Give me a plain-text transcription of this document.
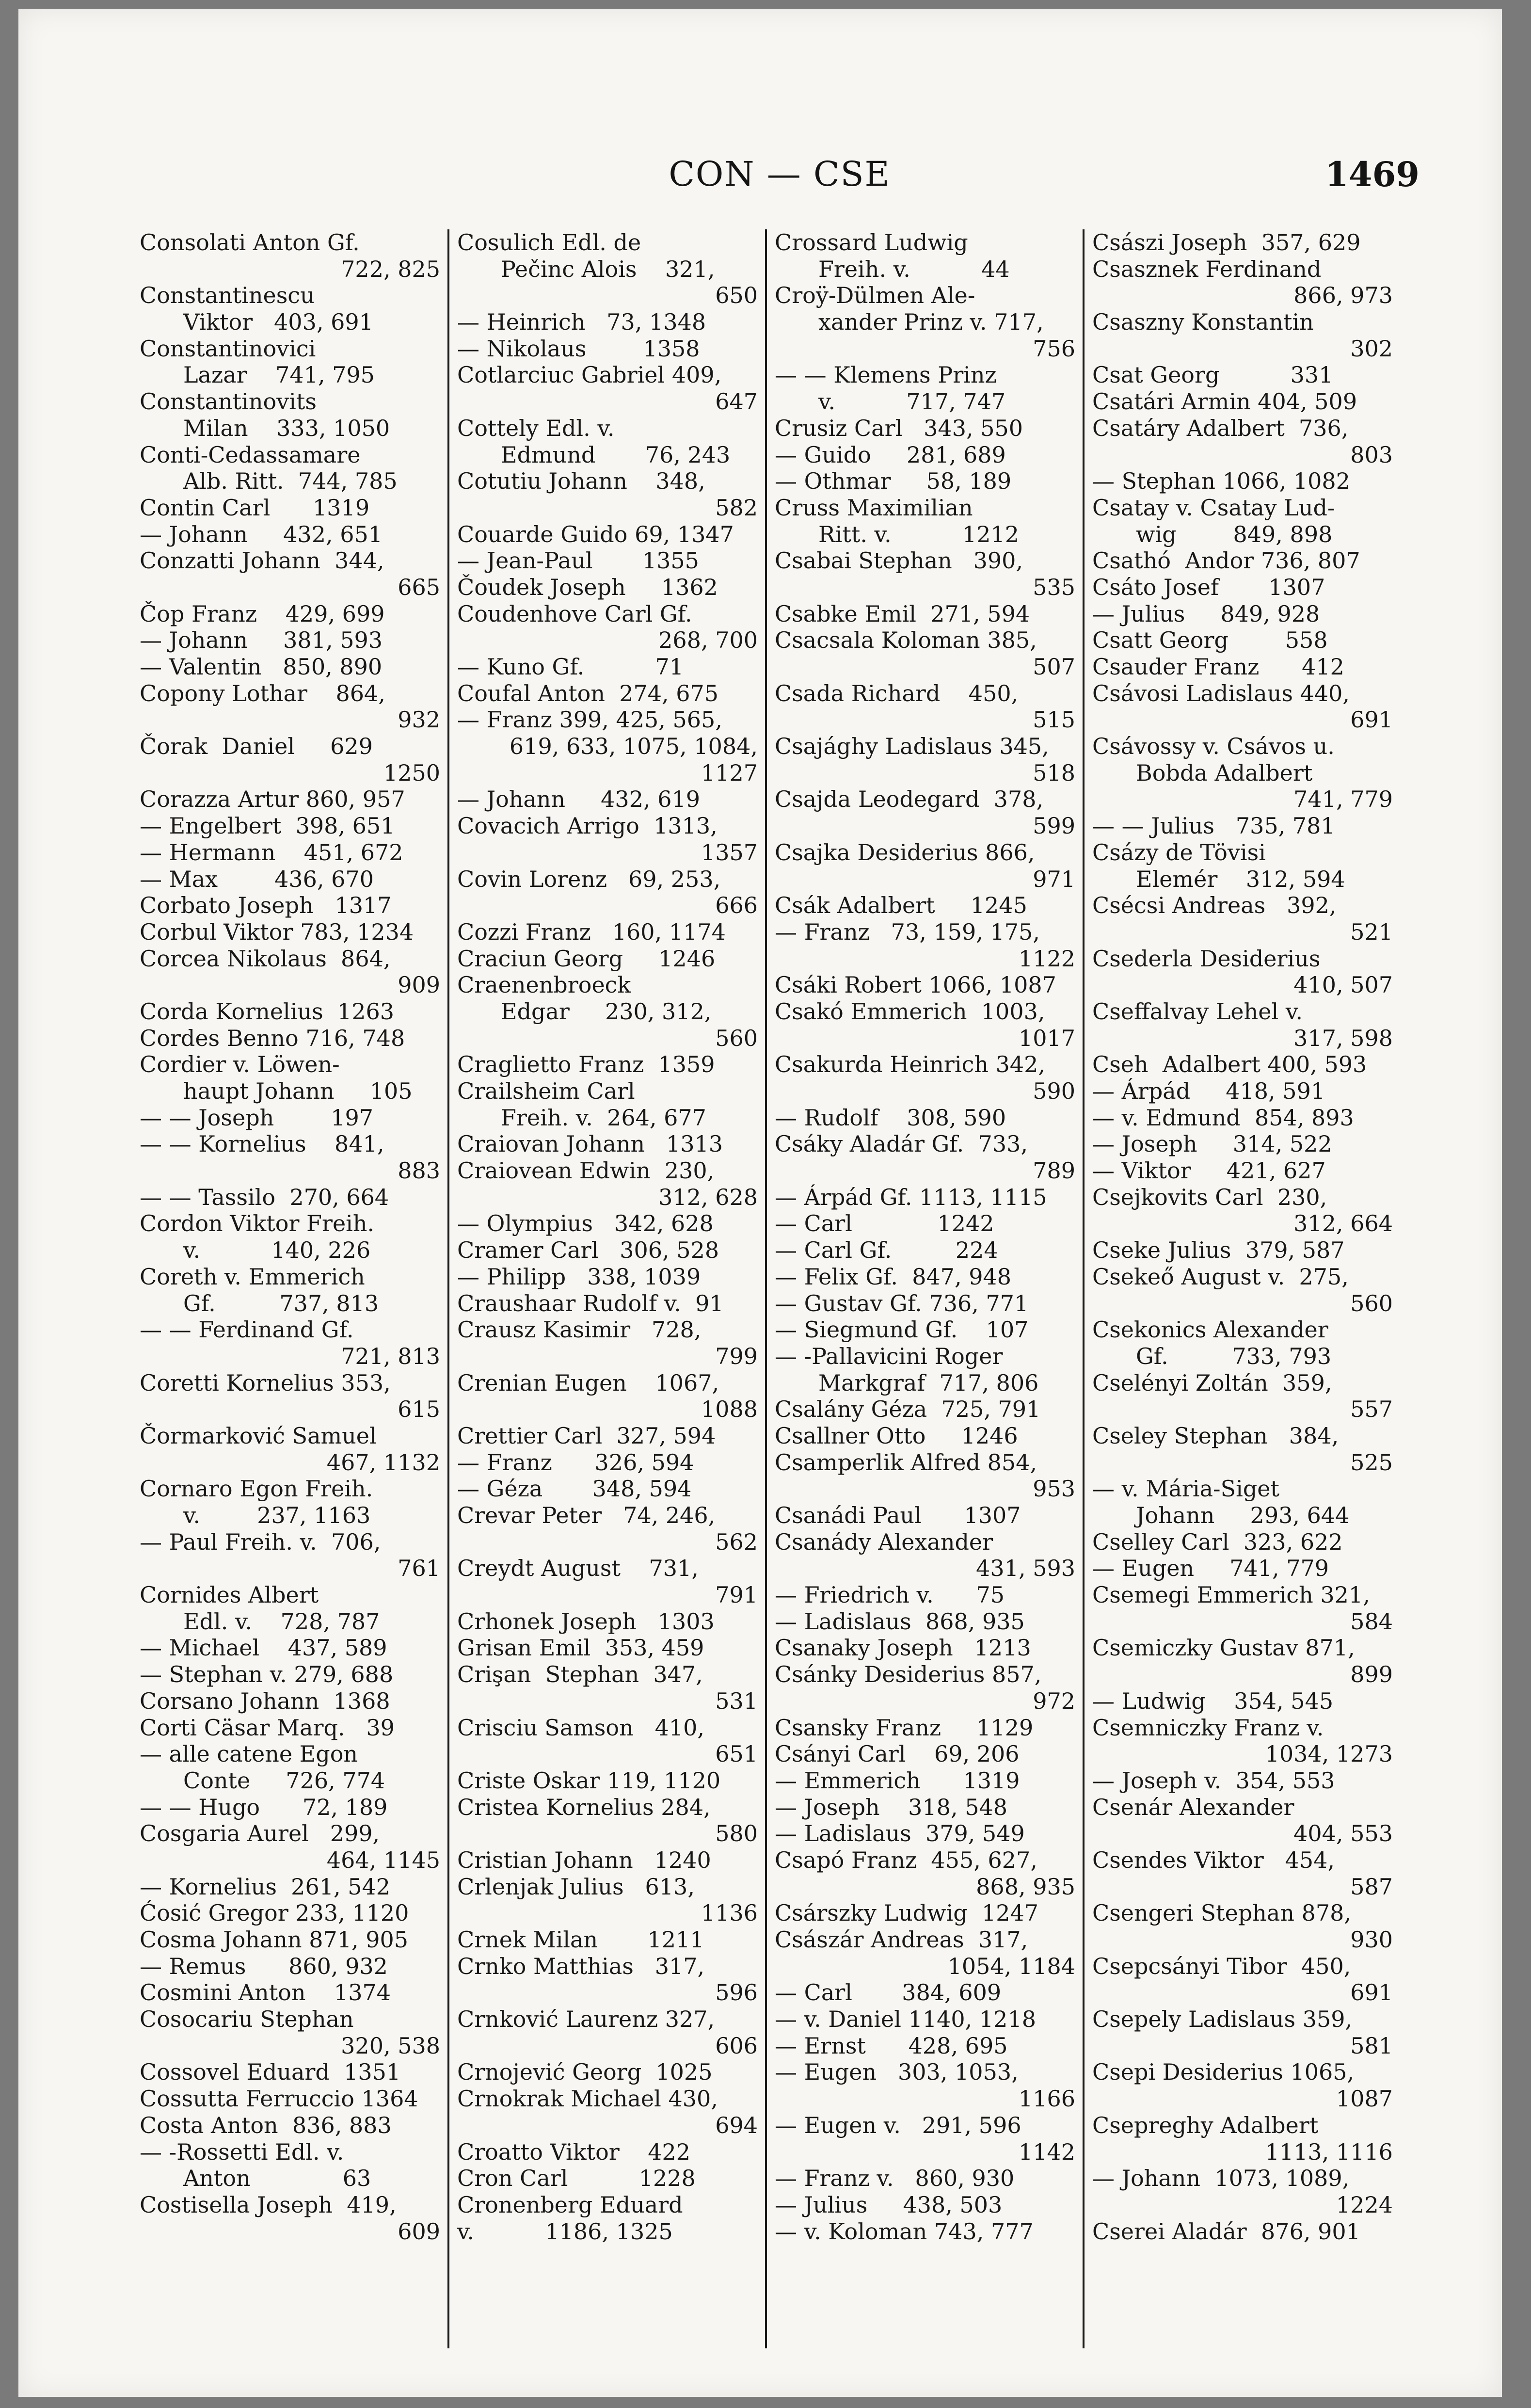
CON — CSE	1469
Consolati Anton Gf.
722, 825
Constantinescu
Viktor   403, 691
Constantinovici
Lazar    741, 795
Constantinovits
Milan    333, 1050
Conti-Cedassamare
Alb. Ritt.  744, 785
Contin Carl      1319
— Johann     432, 651
Conzatti Johann  344,
665
Čop Franz    429, 699
— Johann     381, 593
— Valentin   850, 890
Copony Lothar    864,
932
Čorak  Daniel     629
1250
Corazza Artur 860, 957
— Engelbert  398, 651
— Hermann    451, 672
— Max        436, 670
Corbato Joseph   1317
Corbul Viktor 783, 1234
Corcea Nikolaus  864,
909
Corda Kornelius  1263
Cordes Benno 716, 748
Cordier v. Löwen-
haupt Johann     105
— — Joseph        197
— — Kornelius    841,
883
— — Tassilo  270, 664
Cordon Viktor Freih.
v.          140, 226
Coreth v. Emmerich
Gf.         737, 813
— — Ferdinand Gf.
721, 813
Coretti Kornelius 353,
615
Čormarković Samuel
467, 1132
Cornaro Egon Freih.
v.        237, 1163
— Paul Freih. v.  706,
761
Cornides Albert
Edl. v.    728, 787
— Michael    437, 589
— Stephan v. 279, 688
Corsano Johann  1368
Corti Cäsar Marq.   39
— alle catene Egon
Conte     726, 774
— — Hugo      72, 189
Cosgaria Aurel   299,
464, 1145
— Kornelius  261, 542
Ćosić Gregor 233, 1120
Cosma Johann 871, 905
— Remus      860, 932
Cosmini Anton    1374
Cosocariu Stephan
320, 538
Cossovel Eduard  1351
Cossutta Ferruccio 1364
Costa Anton  836, 883
— -Rossetti Edl. v.
Anton             63
Costisella Joseph  419,
609
Cosulich Edl. de
Pečinc Alois    321,
650
— Heinrich   73, 1348
— Nikolaus        1358
Cotlarciuc Gabriel 409,
647
Cottely Edl. v.
Edmund       76, 243
Cotutiu Johann    348,
582
Couarde Guido 69, 1347
— Jean-Paul       1355
Čoudek Joseph     1362
Coudenhove Carl Gf.
268, 700
— Kuno Gf.          71
Coufal Anton  274, 675
— Franz 399, 425, 565,
619, 633, 1075, 1084,
1127
— Johann     432, 619
Covacich Arrigo  1313,
1357
Covin Lorenz   69, 253,
666
Cozzi Franz   160, 1174
Craciun Georg     1246
Craenenbroeck
Edgar     230, 312,
560
Craglietto Franz  1359
Crailsheim Carl
Freih. v.  264, 677
Craiovan Johann   1313
Craiovean Edwin  230,
312, 628
— Olympius   342, 628
Cramer Carl   306, 528
— Philipp   338, 1039
Craushaar Rudolf v.  91
Crausz Kasimir   728,
799
Crenian Eugen    1067,
1088
Crettier Carl  327, 594
— Franz      326, 594
— Géza       348, 594
Crevar Peter   74, 246,
562
Creydt August    731,
791
Crhonek Joseph   1303
Grisan Emil  353, 459
Crişan  Stephan  347,
531
Crisciu Samson   410,
651
Criste Oskar 119, 1120
Cristea Kornelius 284,
580
Cristian Johann   1240
Crlenjak Julius   613,
1136
Crnek Milan       1211
Crnko Matthias   317,
596
Crnković Laurenz 327,
606
Crnojević Georg  1025
Crnokrak Michael 430,
694
Croatto Viktor    422
Cron Carl          1228
Cronenberg Eduard
v.          1186, 1325
Crossard Ludwig
Freih. v.          44
Croÿ-Dülmen Ale-
xander Prinz v. 717,
756
— — Klemens Prinz
v.          717, 747
Crusiz Carl   343, 550
— Guido     281, 689
— Othmar     58, 189
Cruss Maximilian
Ritt. v.          1212
Csabai Stephan   390,
535
Csabke Emil  271, 594
Csacsala Koloman 385,
507
Csada Richard    450,
515
Csajághy Ladislaus 345,
518
Csajda Leodegard  378,
599
Csajka Desiderius 866,
971
Csák Adalbert     1245
— Franz   73, 159, 175,
1122
Csáki Robert 1066, 1087
Csakó Emmerich  1003,
1017
Csakurda Heinrich 342,
590
— Rudolf    308, 590
Csáky Aladár Gf.  733,
789
— Árpád Gf. 1113, 1115
— Carl            1242
— Carl Gf.         224
— Felix Gf.  847, 948
— Gustav Gf. 736, 771
— Siegmund Gf.    107
— -Pallavicini Roger
Markgraf  717, 806
Csalány Géza  725, 791
Csallner Otto     1246
Csamperlik Alfred 854,
953
Csanádi Paul      1307
Csanády Alexander
431, 593
— Friedrich v.      75
— Ladislaus  868, 935
Csanaky Joseph   1213
Csánky Desiderius 857,
972
Csansky Franz     1129
Csányi Carl    69, 206
— Emmerich      1319
— Joseph    318, 548
— Ladislaus  379, 549
Csapó Franz  455, 627,
868, 935
Csárszky Ludwig  1247
Császár Andreas  317,
1054, 1184
— Carl       384, 609
— v. Daniel 1140, 1218
— Ernst      428, 695
— Eugen   303, 1053,
1166
— Eugen v.   291, 596
1142
— Franz v.   860, 930
— Julius     438, 503
— v. Koloman 743, 777
Császi Joseph  357, 629
Csasznek Ferdinand
866, 973
Csaszny Konstantin
302
Csat Georg          331
Csatári Armin 404, 509
Csatáry Adalbert  736,
803
— Stephan 1066, 1082
Csatay v. Csatay Lud-
wig        849, 898
Csathó  Andor 736, 807
Csáto Josef       1307
— Julius     849, 928
Csatt Georg        558
Csauder Franz      412
Csávosi Ladislaus 440,
691
Csávossy v. Csávos u.
Bobda Adalbert
741, 779
— — Julius   735, 781
Csázy de Tövisi
Elemér    312, 594
Csécsi Andreas   392,
521
Csederla Desiderius
410, 507
Cseffalvay Lehel v.
317, 598
Cseh  Adalbert 400, 593
— Árpád     418, 591
— v. Edmund  854, 893
— Joseph     314, 522
— Viktor     421, 627
Csejkovits Carl  230,
312, 664
Cseke Julius  379, 587
Csekeő August v.  275,
560
Csekonics Alexander
Gf.         733, 793
Cselényi Zoltán  359,
557
Cseley Stephan   384,
525
— v. Mária-Siget
Johann     293, 644
Cselley Carl  323, 622
— Eugen     741, 779
Csemegi Emmerich 321,
584
Csemiczky Gustav 871,
899
— Ludwig    354, 545
Csemniczky Franz v.
1034, 1273
— Joseph v.  354, 553
Csenár Alexander
404, 553
Csendes Viktor   454,
587
Csengeri Stephan 878,
930
Csepcsányi Tibor  450,
691
Csepely Ladislaus 359,
581
Csepi Desiderius 1065,
1087
Csepreghy Adalbert
1113, 1116
— Johann  1073, 1089,
1224
Cserei Aladár  876, 901
